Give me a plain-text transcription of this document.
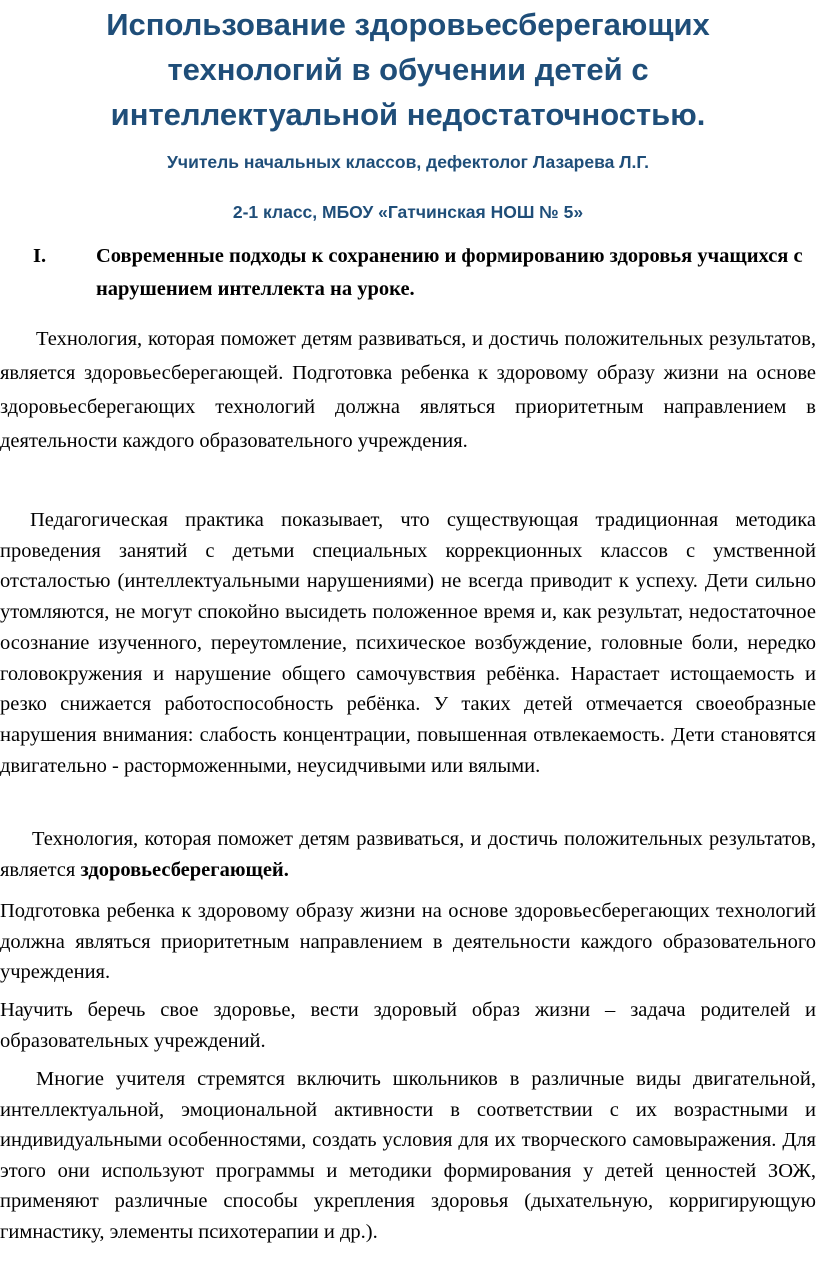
Использование здоровьесберегающих технологий в обучении детей с интеллектуальной недостаточностью.

Учитель начальных классов, дефектолог Лазарева Л.Г.

2-1 класс, МБОУ «Гатчинская НОШ № 5»

I. Современные подходы к сохранению и формированию здоровья учащихся с нарушением интеллекта на уроке.

Технология, которая поможет детям развиваться, и достичь положительных результатов, является здоровьесберегающей. Подготовка ребенка к здоровому образу жизни на основе здоровьесберегающих технологий должна являться приоритетным направлением в деятельности каждого образовательного учреждения.

Педагогическая практика показывает, что существующая традиционная методика проведения занятий с детьми специальных коррекционных классов с умственной отсталостью (интеллектуальными нарушениями) не всегда приводит к успеху. Дети сильно утомляются, не могут спокойно высидеть положенное время и, как результат, недостаточное осознание изученного, переутомление, психическое возбуждение, головные боли, нередко головокружения и нарушение общего самочувствия ребёнка. Нарастает истощаемость и резко снижается работоспособность ребёнка. У таких детей отмечается своеобразные нарушения внимания: слабость концентрации, повышенная отвлекаемость. Дети становятся двигательно - расторможенными, неусидчивыми или вялыми.

Технология, которая поможет детям развиваться, и достичь положительных результатов, является здоровьесберегающей.

Подготовка ребенка к здоровому образу жизни на основе здоровьесберегающих технологий должна являться приоритетным направлением в деятельности каждого образовательного учреждения.

Научить беречь свое здоровье, вести здоровый образ жизни – задача родителей и образовательных учреждений.

Многие учителя стремятся включить школьников в различные виды двигательной, интеллектуальной, эмоциональной активности в соответствии с их возрастными и индивидуальными особенностями, создать условия для их творческого самовыражения. Для этого они используют программы и методики формирования у детей ценностей ЗОЖ, применяют различные способы укрепления здоровья (дыхательную, корригирующую гимнастику, элементы психотерапии и др.).
